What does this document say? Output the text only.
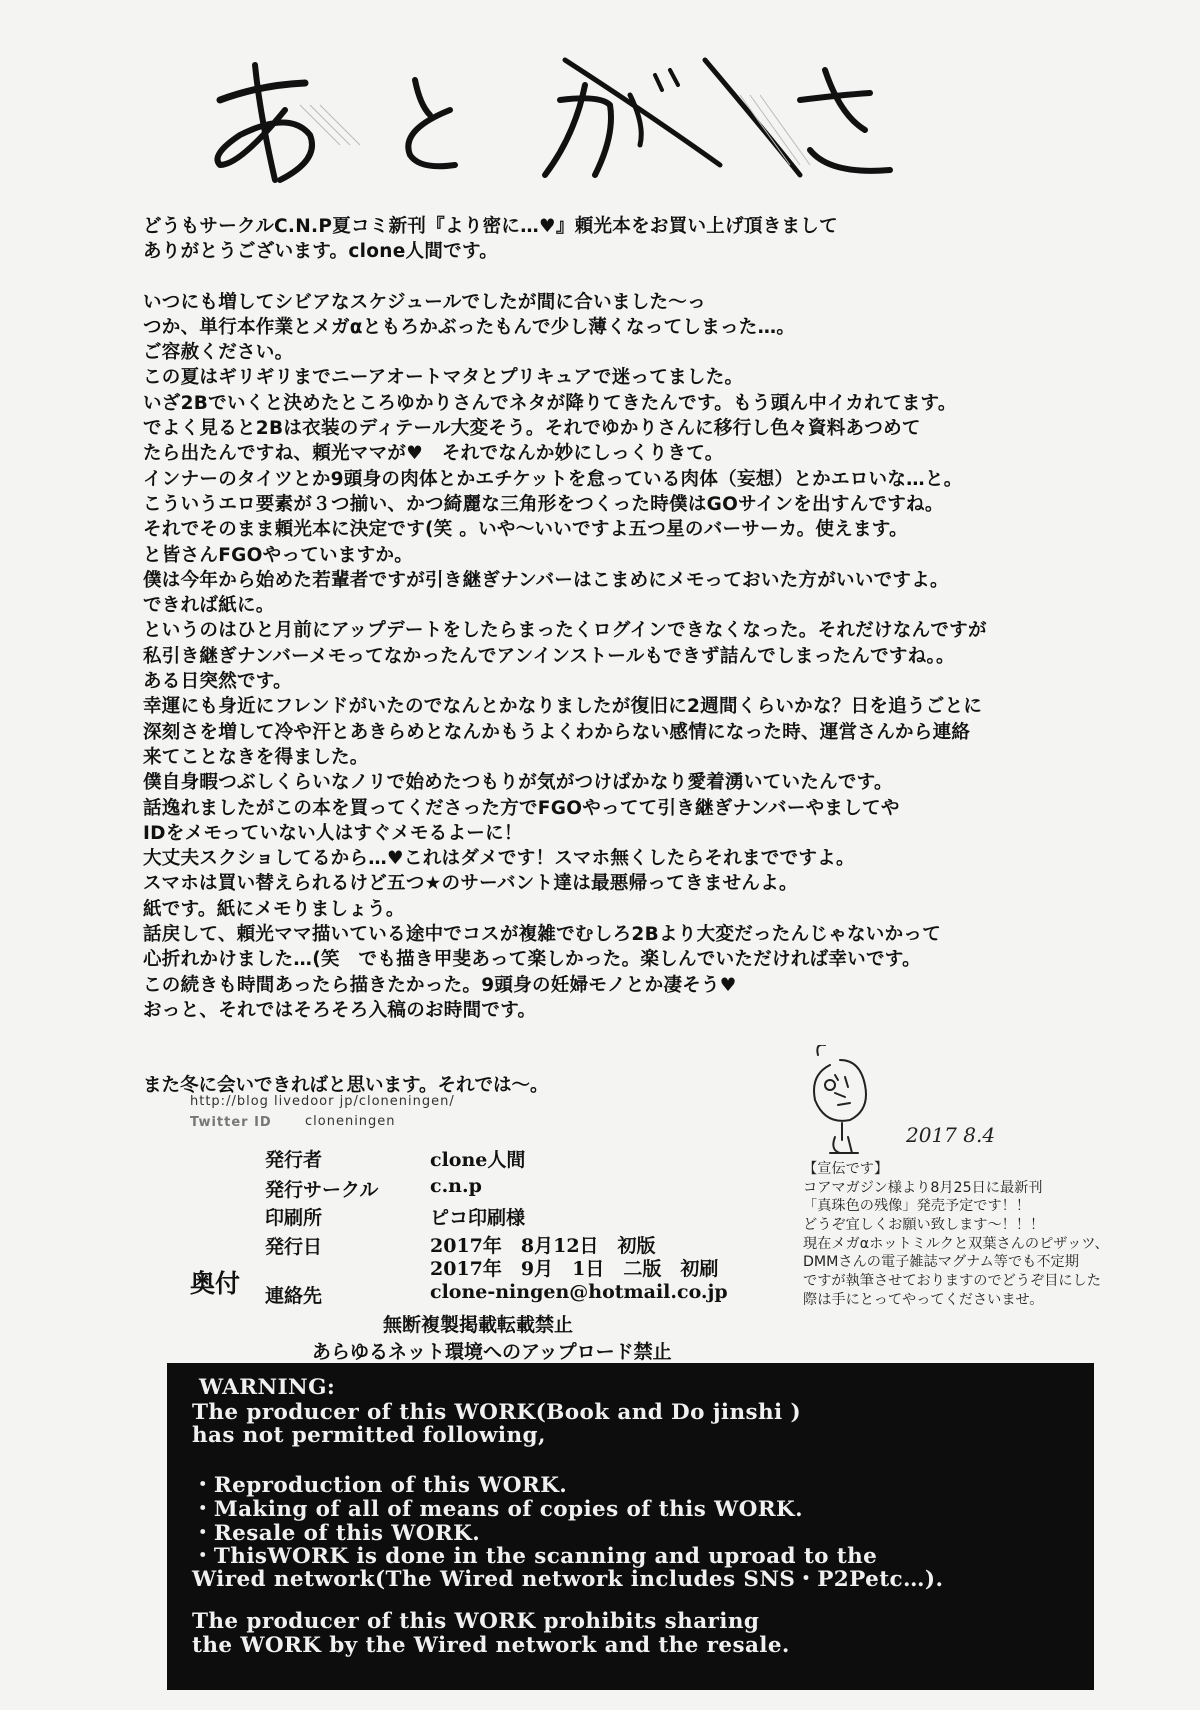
どうもサークルC.N.P夏コミ新刊『より密に…♥』頼光本をお買い上げ頂きまして
ありがとうございます。clone人間です。
いつにも増してシビアなスケジュールでしたが間に合いました～っ
つか、単行本作業とメガαともろかぶったもんで少し薄くなってしまった…。
ご容赦ください。
この夏はギリギリまでニーアオートマタとプリキュアで迷ってました。
いざ2Bでいくと決めたところゆかりさんでネタが降りてきたんです。もう頭ん中イカれてます。
でよく見ると2Bは衣装のディテール大変そう。それでゆかりさんに移行し色々資料あつめて
たら出たんですね、頼光ママが♥　それでなんか妙にしっくりきて。
インナーのタイツとか9頭身の肉体とかエチケットを怠っている肉体（妄想）とかエロいな…と。
こういうエロ要素が３つ揃い、かつ綺麗な三角形をつくった時僕はGOサインを出すんですね。
それでそのまま頼光本に決定です(笑 。いや～いいですよ五つ星のバーサーカ。使えます。
と皆さんFGOやっていますか。
僕は今年から始めた若輩者ですが引き継ぎナンバーはこまめにメモっておいた方がいいですよ。
できれば紙に。
というのはひと月前にアップデートをしたらまったくログインできなくなった。それだけなんですが
私引き継ぎナンバーメモってなかったんでアンインストールもできず詰んでしまったんですね。。
ある日突然です。
幸運にも身近にフレンドがいたのでなんとかなりましたが復旧に2週間くらいかな？日を追うごとに
深刻さを増して冷や汗とあきらめとなんかもうよくわからない感情になった時、運営さんから連絡
来てことなきを得ました。
僕自身暇つぶしくらいなノリで始めたつもりが気がつけばかなり愛着湧いていたんです。
話逸れましたがこの本を買ってくださった方でFGOやってて引き継ぎナンバーやましてや
IDをメモっていない人はすぐメモるよーに！
大丈夫スクショしてるから…♥これはダメです！スマホ無くしたらそれまでですよ。
スマホは買い替えられるけど五つ★のサーバント達は最悪帰ってきませんよ。
紙です。紙にメモりましょう。
話戻して、頼光ママ描いている途中でコスが複雑でむしろ2Bより大変だったんじゃないかって
心折れかけました…(笑　でも描き甲斐あって楽しかった。楽しんでいただければ幸いです。
この続きも時間あったら描きたかった。9頭身の妊婦モノとか凄そう♥
おっと、それではそろそろ入稿のお時間です。
また冬に会いできればと思います。それでは～。
http://blog livedoor jp/cloneningen/
Twitter ID	cloneningen
2017 8.4
奥付
発行者	clone人間
発行サークル	c.n.p
印刷所	ピコ印刷様
発行日	2017年　8月12日　初版
2017年　9月　1日　二版　初刷
連絡先	clone-ningen@hotmail.co.jp
無断複製掲載転載禁止
あらゆるネット環境へのアップロード禁止
【宣伝です】
コアマガジン様より8月25日に最新刊
「真珠色の残像」発売予定です！！
どうぞ宜しくお願い致します～！！！
現在メガαホットミルクと双葉さんのピザッツ、
DMMさんの電子雑誌マグナム等でも不定期
ですが執筆させておりますのでどうぞ目にした
際は手にとってやってくださいませ。
WARNING:
The producer of this WORK(Book and Do jinshi )
has not permitted following,
・Reproduction of this WORK.
・Making of all of means of copies of this WORK.
・Resale of this WORK.
・ThisWORK is done in the scanning and uproad to the
Wired network(The Wired network includes SNS・P2Petc…).
The producer of this WORK prohibits sharing
the WORK by the Wired network and the resale.
